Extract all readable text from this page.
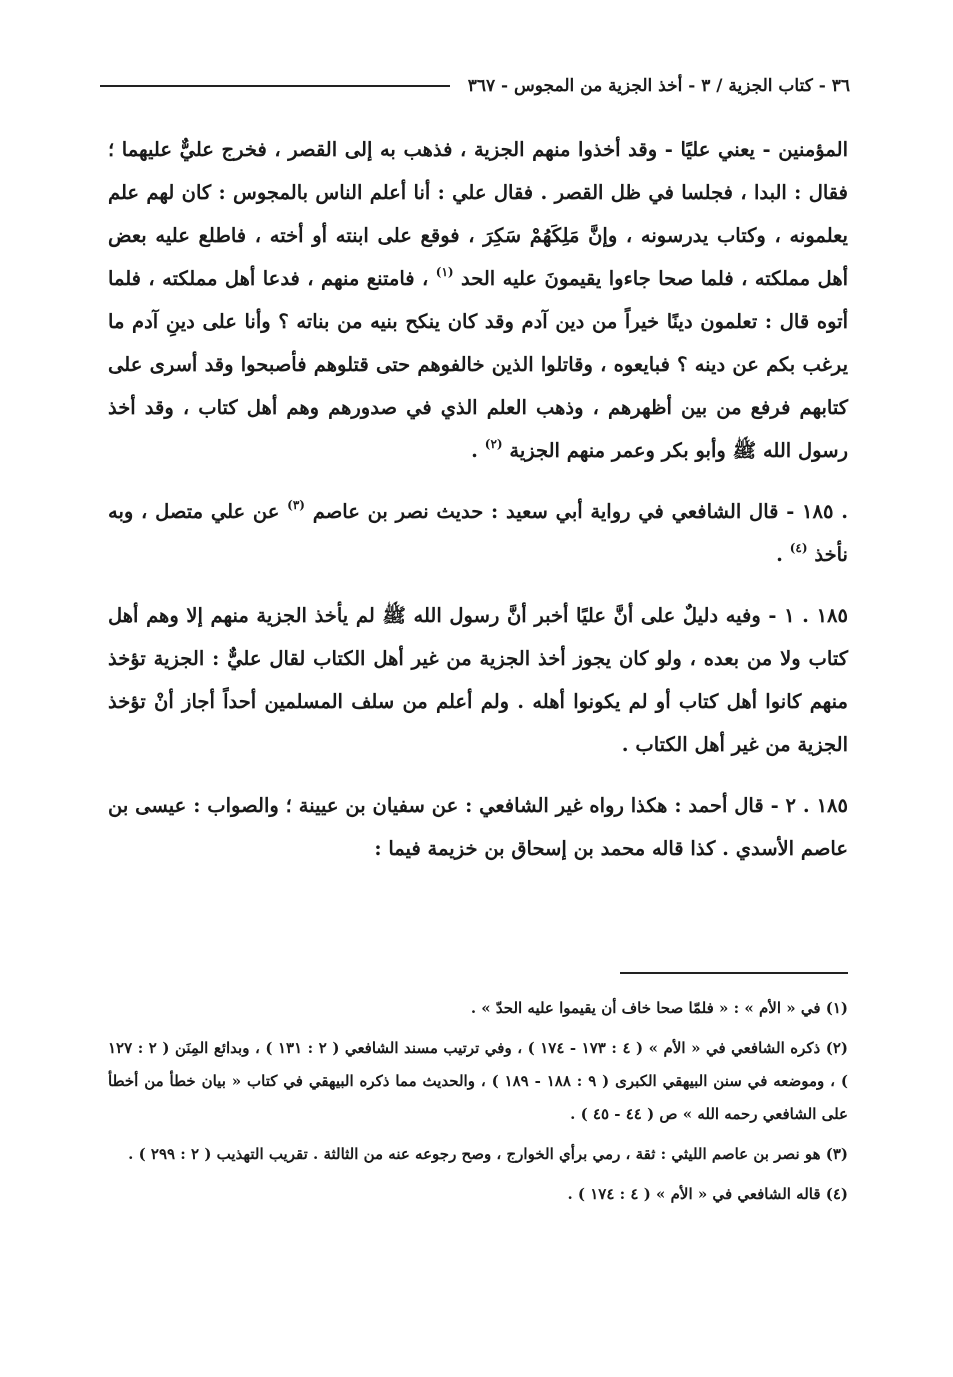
٣٦ - كتاب الجزية / ٣ - أخذ الجزية من المجوس - ٣٦٧

المؤمنين - يعني عليًا - وقد أخذوا منهم الجزية ، فذهب به إلى القصر ، فخرج عليٌّ عليهما ؛ فقال : البدا ، فجلسا في ظل القصر . فقال علي : أنا أعلم الناس بالمجوس : كان لهم علم يعلمونه ، وكتاب يدرسونه ، وإنَّ مَلِكَهُمْ سَكِرَ ، فوقع على ابنته أو أخته ، فاطلع عليه بعض أهل مملكته ، فلما صحا جاءوا يقيمونَ عليه الحد $^{(١)}$ ، فامتنع منهم ، فدعا أهل مملكته ، فلما أتوه قال : تعلمون دينًا خيراً من دين آدم وقد كان ينكح بنيه من بناته ؟ وأنا على دينِ آدم ما يرغب بكم عن دينه ؟ فبايعوه ، وقاتلوا الذين خالفوهم حتى قتلوهم فأصبحوا وقد أسرى على كتابهم فرفع من بين أظهرهم ، وذهب العلم الذي في صدورهم وهم أهل كتاب ، وقد أخذ رسول الله ﷺ وأبو بكر وعمر منهم الجزية $^{(٢)}$ .

. ١٨٥ - قال الشافعي في رواية أبي سعيد : حديث نصر بن عاصم $^{(٣)}$ عن علي متصل ، وبه نأخذ $^{(٤)}$ .

١٨٥ . ١ - وفيه دليلٌ على أنَّ عليًا أخبر أنَّ رسول الله ﷺ لم يأخذ الجزية منهم إلا وهم أهل كتاب ولا من بعده ، ولو كان يجوز أخذ الجزية من غير أهل الكتاب لقال عليٌّ : الجزية تؤخذ منهم كانوا أهل كتاب أو لم يكونوا أهله . ولم أعلم من سلف المسلمين أحداً أجاز أنْ تؤخذ الجزية من غير أهل الكتاب .

١٨٥ . ٢ - قال أحمد : هكذا رواه غير الشافعي : عن سفيان بن عيينة ؛ والصواب : عيسى بن عاصم الأسدي . كذا قاله محمد بن إسحاق بن خزيمة فيما :

(١) في « الأم » : « فلمّا صحا خاف أن يقيموا عليه الحدّ » .

(٢) ذكره الشافعي في « الأم » ( ٤ : ١٧٣ - ١٧٤ ) ، وفي ترتيب مسند الشافعي ( ٢ : ١٣١ ) ، وبدائع المِنَن ( ٢ : ١٢٧ ) ، وموضعه في سنن البيهقي الكبرى ( ٩ : ١٨٨ - ١٨٩ ) ، والحديث مما ذكره البيهقي في كتاب « بيان خطأ من أخطأ على الشافعي رحمه الله » ص ( ٤٤ - ٤٥ ) .

(٣) هو نصر بن عاصم الليثي : ثقة ، رمي برأي الخوارج ، وصح رجوعه عنه من الثالثة . تقريب التهذيب ( ٢ : ٢٩٩ ) .

(٤) قاله الشافعي في « الأم » ( ٤ : ١٧٤ ) .
